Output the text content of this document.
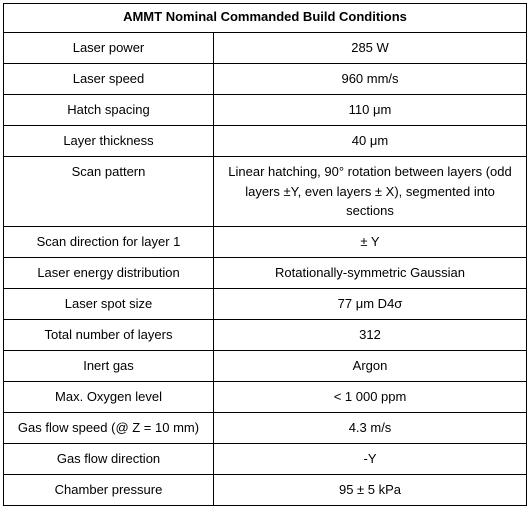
AMMT Nominal Commanded Build Conditions	
Laser power	285 W
Laser speed	960 mm/s
Hatch spacing	110 μm
Layer thickness	40 μm
Scan pattern	Linear hatching, 90° rotation between layers (odd layers ±Y, even layers ± X), segmented into sections
Scan direction for layer 1	± Y
Laser energy distribution	Rotationally-symmetric Gaussian
Laser spot size	77 μm D4σ
Total number of layers	312
Inert gas	Argon
Max. Oxygen level	< 1 000 ppm
Gas flow speed (@ Z = 10 mm)	4.3 m/s
Gas flow direction	-Y
Chamber pressure	95 ± 5 kPa
